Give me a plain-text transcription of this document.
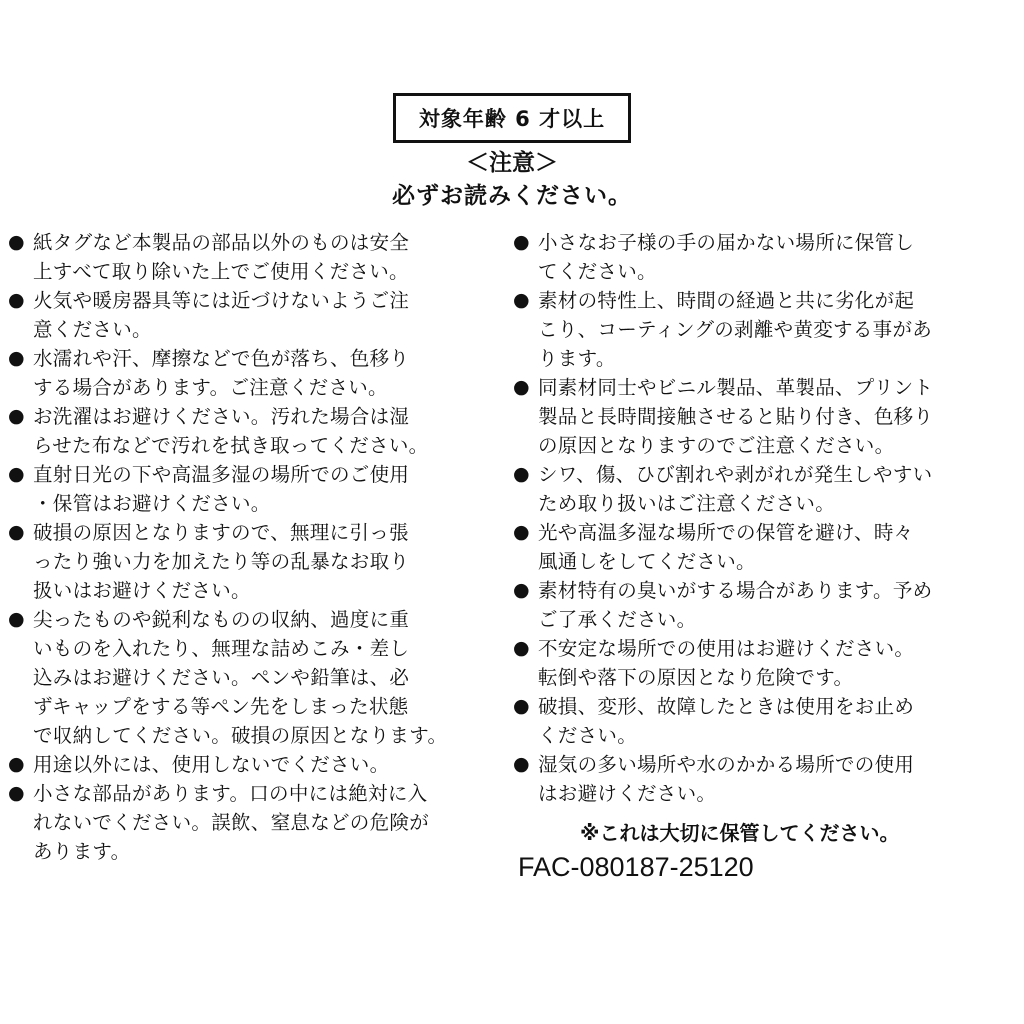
対象年齢 6 才以上
＜注意＞
必ずお読みください。
● 紙タグなど本製品の部品以外のものは安全
上すべて取り除いた上でご使用ください。
● 火気や暖房器具等には近づけないようご注
意ください。
● 水濡れや汗、摩擦などで色が落ち、色移り
する場合があります。ご注意ください。
● お洗濯はお避けください。汚れた場合は湿
らせた布などで汚れを拭き取ってください。
● 直射日光の下や高温多湿の場所でのご使用
・保管はお避けください。
● 破損の原因となりますので、無理に引っ張
ったり強い力を加えたり等の乱暴なお取り
扱いはお避けください。
● 尖ったものや鋭利なものの収納、過度に重
いものを入れたり、無理な詰めこみ・差し
込みはお避けください。ペンや鉛筆は、必
ずキャップをする等ペン先をしまった状態
で収納してください。破損の原因となります。
● 用途以外には、使用しないでください。
● 小さな部品があります。口の中には絶対に入
れないでください。誤飲、窒息などの危険が
あります。
● 小さなお子様の手の届かない場所に保管し
てください。
● 素材の特性上、時間の経過と共に劣化が起
こり、コーティングの剥離や黄変する事があ
ります。
● 同素材同士やビニル製品、革製品、プリント
製品と長時間接触させると貼り付き、色移り
の原因となりますのでご注意ください。
● シワ、傷、ひび割れや剥がれが発生しやすい
ため取り扱いはご注意ください。
● 光や高温多湿な場所での保管を避け、時々
風通しをしてください。
● 素材特有の臭いがする場合があります。予め
ご了承ください。
● 不安定な場所での使用はお避けください。
転倒や落下の原因となり危険です。
● 破損、変形、故障したときは使用をお止め
ください。
● 湿気の多い場所や水のかかる場所での使用
はお避けください。
※これは大切に保管してください。
FAC-080187-25120
